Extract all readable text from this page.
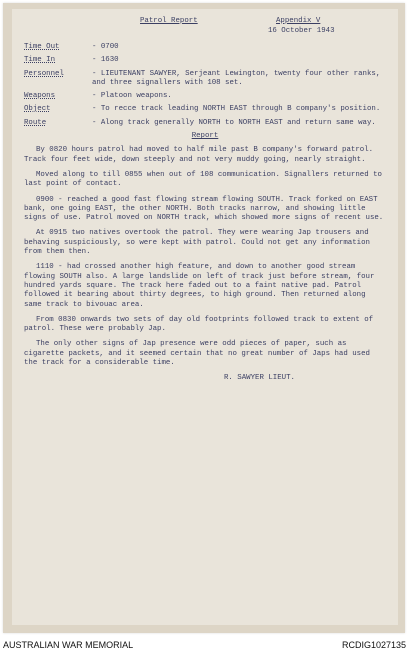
Patrol Report	Appendix V
16 October 1943
Time Out	- 0700
Time In	- 1630
Personnel	- LIEUTENANT SAWYER, Serjeant Lewington, twenty four other ranks, and three signallers with 108 set.
Weapons	- Platoon weapons.
Object	- To recce track leading NORTH EAST through B company's position.
Route	- Along track generally NORTH to NORTH EAST and return same way.
Report

By 0820 hours patrol had moved to half mile past B company's forward patrol. Track four feet wide, down steeply and not very muddy going, nearly straight.

Moved along to till 0855 when out of 108 communication. Signallers returned to last point of contact.

0900 - reached a good fast flowing stream flowing SOUTH. Track forked on EAST bank, one going EAST, the other NORTH. Both tracks narrow, and showing little signs of use. Patrol moved on NORTH track, which showed more signs of recent use.

At 0915 two natives overtook the patrol. They were wearing Jap trousers and behaving suspiciously, so were kept with patrol. Could not get any information from them then.

1110 - had crossed another high feature, and down to another good stream flowing SOUTH also. A large landslide on left of track just before stream, four hundred yards square. The track here faded out to a faint native pad. Patrol followed it bearing about thirty degrees, to high ground. Then returned along same track to bivouac area.

From 0830 onwards two sets of day old footprints followed track to extent of patrol. These were probably Jap.

The only other signs of Jap presence were odd pieces of paper, such as cigarette packets, and it seemed certain that no great number of Japs had used the track for a considerable time.

R. SAWYER LIEUT.
AUSTRALIAN WAR MEMORIAL	RCDIG1027135
